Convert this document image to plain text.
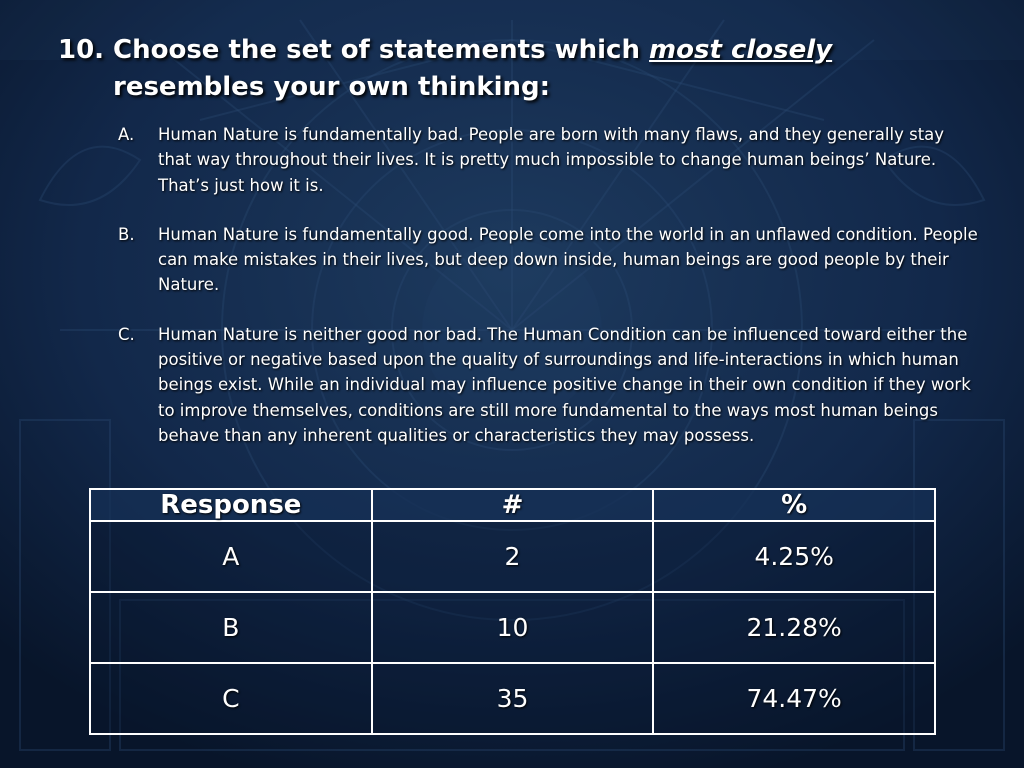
10. Choose the set of statements which most closely resembles your own thinking:
A. Human Nature is fundamentally bad. People are born with many flaws, and they generally stay that way throughout their lives. It is pretty much impossible to change human beings’ Nature. That’s just how it is.
B. Human Nature is fundamentally good. People come into the world in an unflawed condition. People can make mistakes in their lives, but deep down inside, human beings are good people by their Nature.
C. Human Nature is neither good nor bad. The Human Condition can be influenced toward either the positive or negative based upon the quality of surroundings and life-interactions in which human beings exist. While an individual may influence positive change in their own condition if they work to improve themselves, conditions are still more fundamental to the ways most human beings behave than any inherent qualities or characteristics they may possess.
Response	#	%
A	2	4.25%
B	10	21.28%
C	35	74.47%
